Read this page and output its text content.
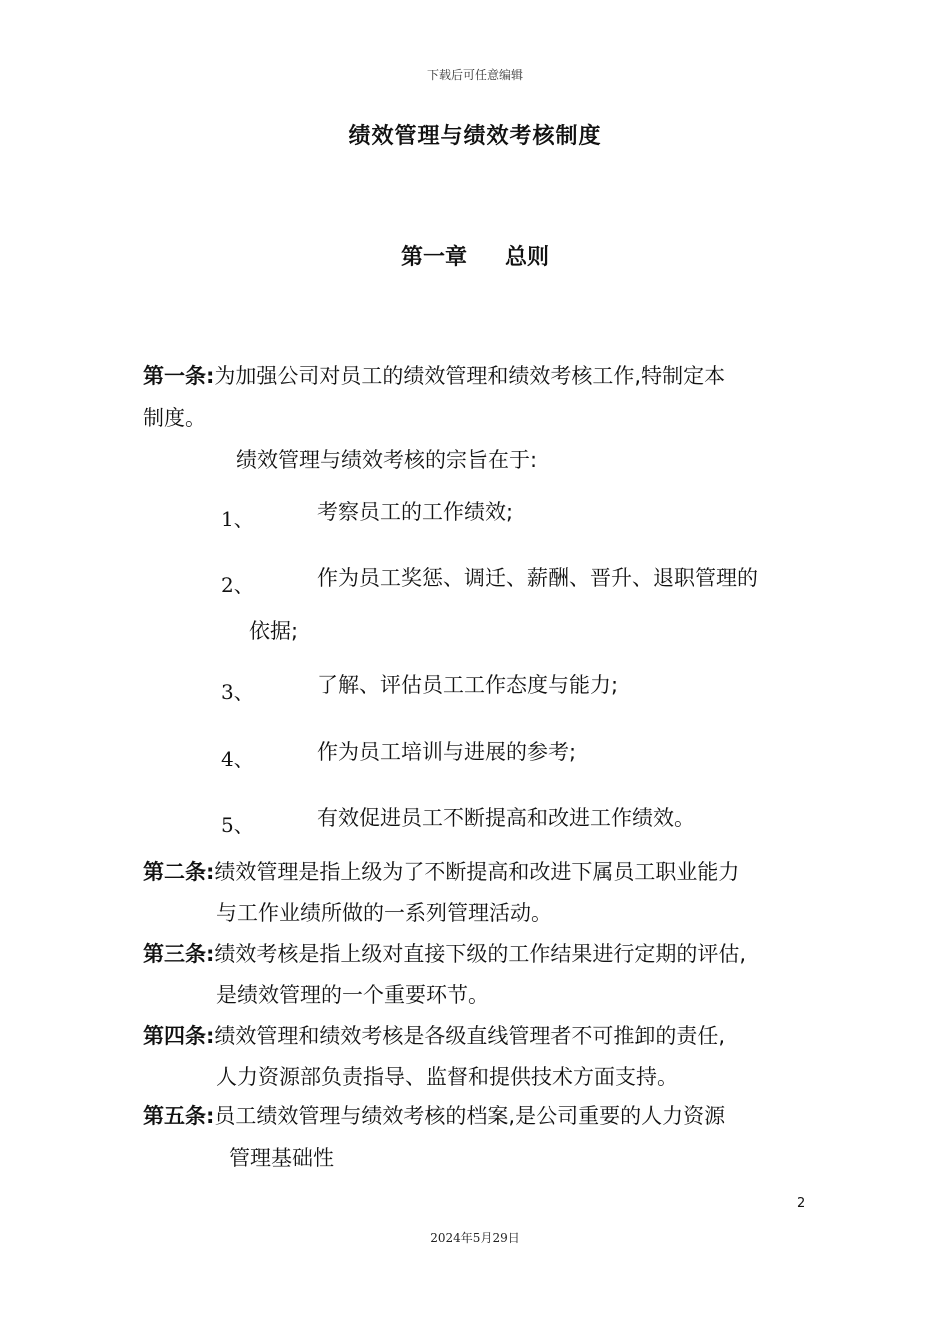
下载后可任意编辑
绩效管理与绩效考核制度
第一章 总则
第一条:为加强公司对员工的绩效管理和绩效考核工作,特制定本
制度。
绩效管理与绩效考核的宗旨在于:
1、	考察员工的工作绩效;
2、	作为员工奖惩、调迁、薪酬、晋升、退职管理的
依据;
3、	了解、评估员工工作态度与能力;
4、	作为员工培训与进展的参考;
5、	有效促进员工不断提高和改进工作绩效。
第二条:绩效管理是指上级为了不断提高和改进下属员工职业能力
与工作业绩所做的一系列管理活动。
第三条:绩效考核是指上级对直接下级的工作结果进行定期的评估,
是绩效管理的一个重要环节。
第四条:绩效管理和绩效考核是各级直线管理者不可推卸的责任,
人力资源部负责指导、监督和提供技术方面支持。
第五条:员工绩效管理与绩效考核的档案,是公司重要的人力资源
管理基础性
2
2024年5月29日
